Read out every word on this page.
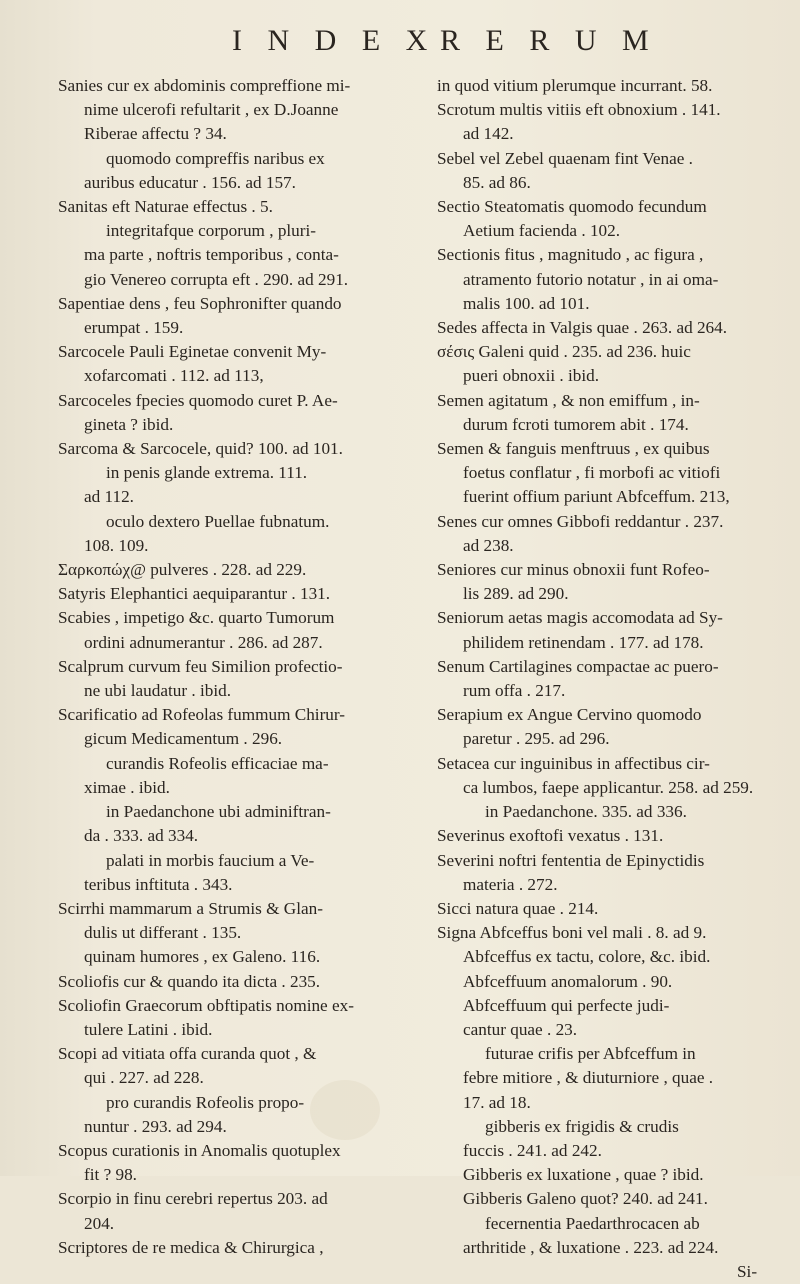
I N D E X R E R U M
Sanies cur ex abdominis compreffione mi-
nime ulcerofi refultarit , ex D.Joanne
Riberae affectu ? 34.
quomodo compreffis naribus ex
auribus educatur . 156. ad 157.
Sanitas eft Naturae effectus . 5.
integritafque corporum , pluri-
ma parte , noftris temporibus , conta-
gio Venereo corrupta eft . 290. ad 291.
Sapentiae dens , feu Sophronifter quando
erumpat . 159.
Sarcocele Pauli Eginetae convenit My-
xofarcomati . 112. ad 113,
Sarcoceles fpecies quomodo curet P. Ae-
gineta ? ibid.
Sarcoma & Sarcocele, quid? 100. ad 101.
in penis glande extrema. 111.
ad 112.
oculo dextero Puellae fubnatum.
108. 109.
Σαρκοπώχ@ pulveres . 228. ad 229.
Satyris Elephantici aequiparantur . 131.
Scabies , impetigo &c. quarto Tumorum
ordini adnumerantur . 286. ad 287.
Scalprum curvum feu Similion profectio-
ne ubi laudatur . ibid.
Scarificatio ad Rofeolas fummum Chirur-
gicum Medicamentum . 296.
curandis Rofeolis efficaciae ma-
ximae . ibid.
in Paedanchone ubi adminiftran-
da . 333. ad 334.
palati in morbis faucium a Ve-
teribus inftituta . 343.
Scirrhi mammarum a Strumis & Glan-
dulis ut differant . 135.
quinam humores , ex Galeno. 116.
Scoliofis cur & quando ita dicta . 235.
Scoliofin Graecorum obftipatis nomine ex-
tulere Latini . ibid.
Scopi ad vitiata offa curanda quot , &
qui . 227. ad 228.
pro curandis Rofeolis propo-
nuntur . 293. ad 294.
Scopus curationis in Anomalis quotuplex
fit ? 98.
Scorpio in finu cerebri repertus 203. ad
204.
Scriptores de re medica & Chirurgica ,
in quod vitium plerumque incurrant. 58.
Scrotum multis vitiis eft obnoxium . 141.
ad 142.
Sebel vel Zebel quaenam fint Venae .
85. ad 86.
Sectio Steatomatis quomodo fecundum
Aetium facienda . 102.
Sectionis fitus , magnitudo , ac figura ,
atramento futorio notatur , in ai oma-
malis 100. ad 101.
Sedes affecta in Valgis quae . 263. ad 264.
σέσις Galeni quid . 235. ad 236. huic
pueri obnoxii . ibid.
Semen agitatum , & non emiffum , in-
durum fcroti tumorem abit . 174.
Semen & fanguis menftruus , ex quibus
foetus conflatur , fi morbofi ac vitiofi
fuerint offium pariunt Abfceffum. 213,
Senes cur omnes Gibbofi reddantur . 237.
ad 238.
Seniores cur minus obnoxii funt Rofeo-
lis 289. ad 290.
Seniorum aetas magis accomodata ad Sy-
philidem retinendam . 177. ad 178.
Senum Cartilagines compactae ac puero-
rum offa . 217.
Serapium ex Angue Cervino quomodo
paretur . 295. ad 296.
Setacea cur inguinibus in affectibus cir-
ca lumbos, faepe applicantur. 258. ad 259.
in Paedanchone. 335. ad 336.
Severinus exoftofi vexatus . 131.
Severini noftri fententia de Epinyctidis
materia . 272.
Sicci natura quae . 214.
Signa Abfceffus boni vel mali . 8. ad 9.
Abfceffus ex tactu, colore, &c. ibid.
Abfceffuum anomalorum . 90.
Abfceffuum qui perfecte judi-
cantur quae . 23.
futurae crifis per Abfceffum in
febre mitiore , & diuturniore , quae .
17. ad 18.
gibberis ex frigidis & crudis
fuccis . 241. ad 242.
Gibberis ex luxatione , quae ? ibid.
Gibberis Galeno quot? 240. ad 241.
fecernentia Paedarthrocacen ab
arthritide , & luxatione . 223. ad 224.
Si-
